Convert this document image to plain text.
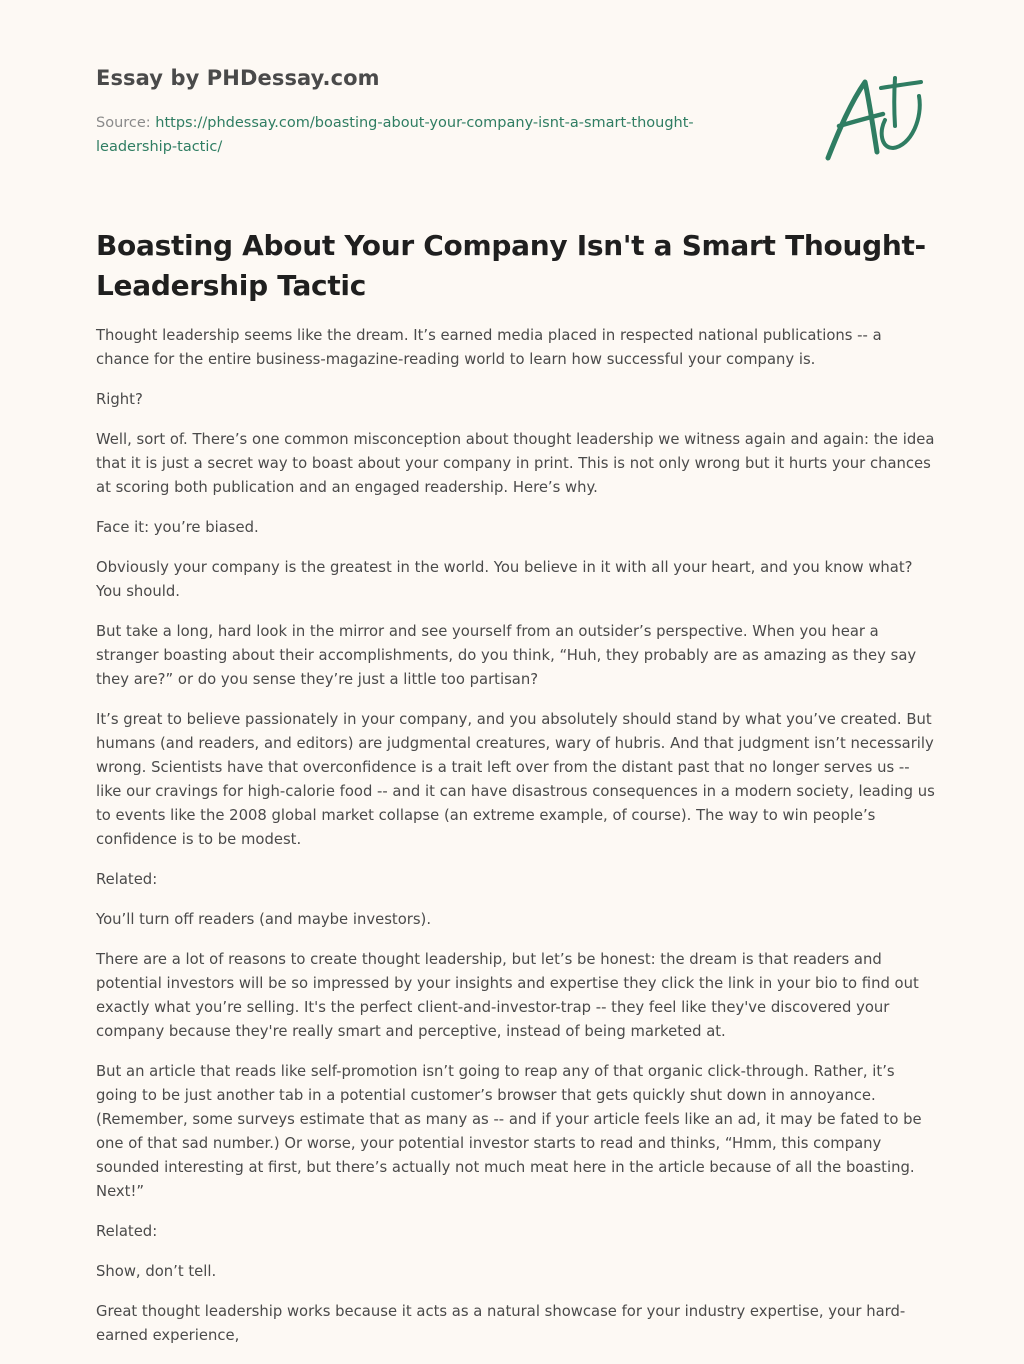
Essay by PHDessay.com
Source: https://phdessay.com/boasting-about-your-company-isnt-a-smart-thought-leadership-tactic/
Boasting About Your Company Isn't a Smart Thought-Leadership Tactic

Thought leadership seems like the dream. It’s earned media placed in respected national publications -- a chance for the entire business-magazine-reading world to learn how successful your company is.

Right?

Well, sort of. There’s one common misconception about thought leadership we witness again and again: the idea that it is just a secret way to boast about your company in print. This is not only wrong but it hurts your chances at scoring both publication and an engaged readership. Here’s why.

Face it: you’re biased.

Obviously your company is the greatest in the world. You believe in it with all your heart, and you know what? You should.

But take a long, hard look in the mirror and see yourself from an outsider’s perspective. When you hear a stranger boasting about their accomplishments, do you think, “Huh, they probably are as amazing as they say they are?” or do you sense they’re just a little too partisan?

It’s great to believe passionately in your company, and you absolutely should stand by what you’ve created. But humans (and readers, and editors) are judgmental creatures, wary of hubris. And that judgment isn’t necessarily wrong. Scientists have that overconfidence is a trait left over from the distant past that no longer serves us -- like our cravings for high-calorie food -- and it can have disastrous consequences in a modern society, leading us to events like the 2008 global market collapse (an extreme example, of course). The way to win people’s confidence is to be modest.

Related:

You’ll turn off readers (and maybe investors).

There are a lot of reasons to create thought leadership, but let’s be honest: the dream is that readers and potential investors will be so impressed by your insights and expertise they click the link in your bio to find out exactly what you’re selling. It's the perfect client-and-investor-trap -- they feel like they've discovered your company because they're really smart and perceptive, instead of being marketed at.

But an article that reads like self-promotion isn’t going to reap any of that organic click-through. Rather, it’s going to be just another tab in a potential customer’s browser that gets quickly shut down in annoyance. (Remember, some surveys estimate that as many as -- and if your article feels like an ad, it may be fated to be one of that sad number.) Or worse, your potential investor starts to read and thinks, “Hmm, this company sounded interesting at first, but there’s actually not much meat here in the article because of all the boasting. Next!”

Related:

Show, don’t tell.

Great thought leadership works because it acts as a natural showcase for your industry expertise, your hard-earned experience,
